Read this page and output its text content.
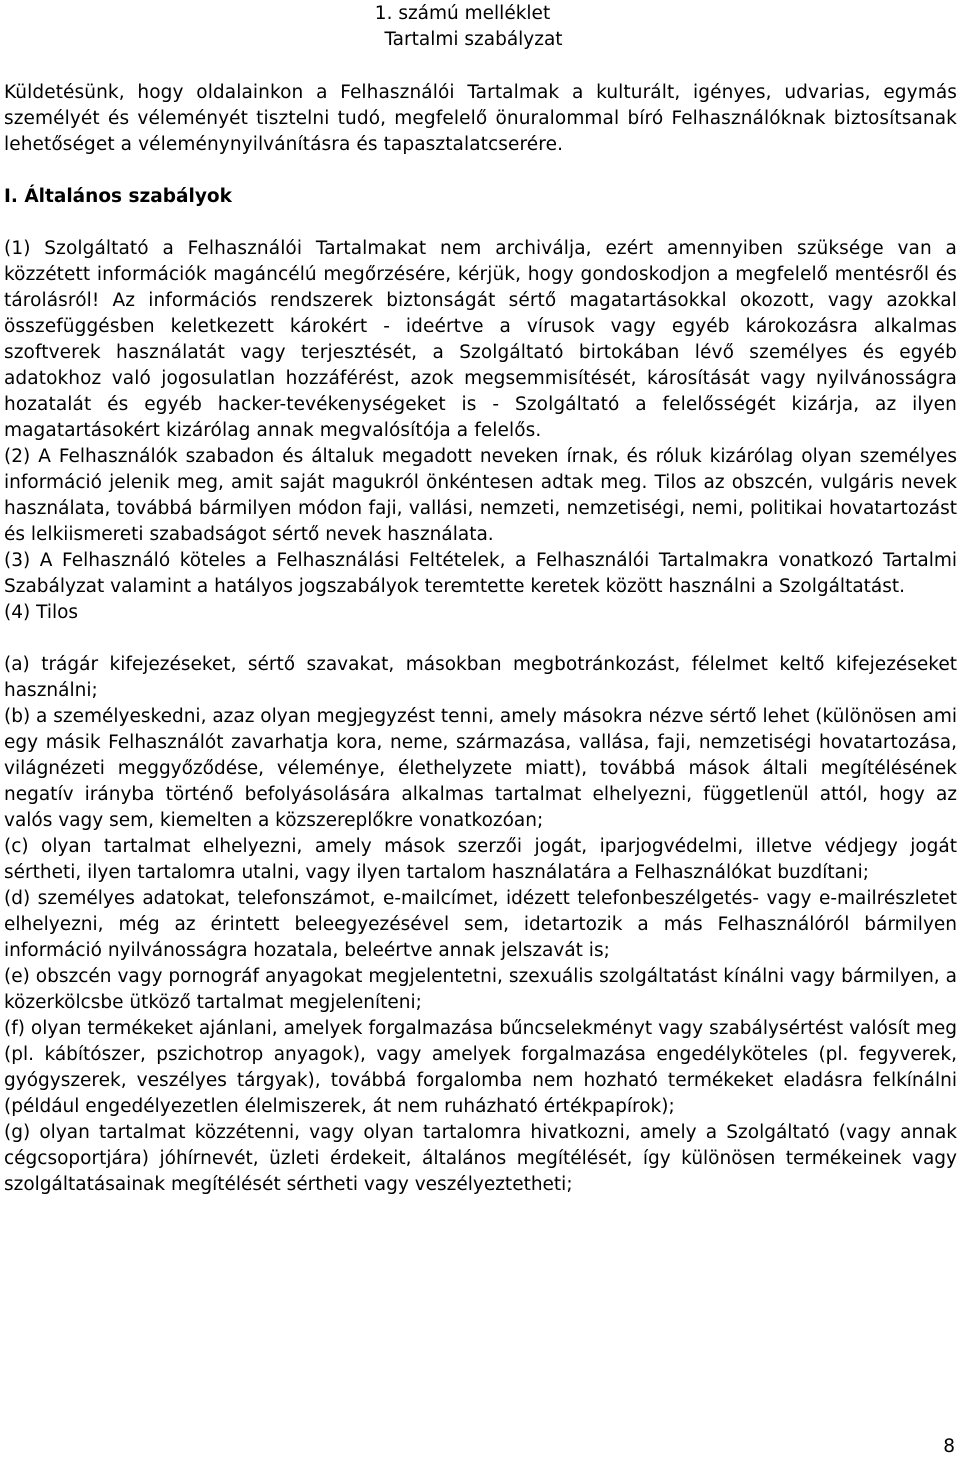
1. számú melléklet
Tartalmi szabályzat

Küldetésünk, hogy oldalainkon a Felhasználói Tartalmak a kulturált, igényes, udvarias, egymás személyét és véleményét tisztelni tudó, megfelelő önuralommal bíró Felhasználóknak biztosítsanak lehetőséget a véleménynyilvánításra és tapasztalatcserére.

I. Általános szabályok

(1) Szolgáltató a Felhasználói Tartalmakat nem archiválja, ezért amennyiben szüksége van a közzétett információk magáncélú megőrzésére, kérjük, hogy gondoskodjon a megfelelő mentésről és tárolásról! Az információs rendszerek biztonságát sértő magatartásokkal okozott, vagy azokkal összefüggésben keletkezett károkért - ideértve a vírusok vagy egyéb károkozásra alkalmas szoftverek használatát vagy terjesztését, a Szolgáltató birtokában lévő személyes és egyéb adatokhoz való jogosulatlan hozzáférést, azok megsemmisítését, károsítását vagy nyilvánosságra hozatalát és egyéb hacker-tevékenységeket is - Szolgáltató a felelősségét kizárja, az ilyen magatartásokért kizárólag annak megvalósítója a felelős.

(2) A Felhasználók szabadon és általuk megadott neveken írnak, és róluk kizárólag olyan személyes információ jelenik meg, amit saját magukról önkéntesen adtak meg. Tilos az obszcén, vulgáris nevek használata, továbbá bármilyen módon faji, vallási, nemzeti, nemzetiségi, nemi, politikai hovatartozást és lelkiismereti szabadságot sértő nevek használata.

(3) A Felhasználó köteles a Felhasználási Feltételek, a Felhasználói Tartalmakra vonatkozó Tartalmi Szabályzat valamint a hatályos jogszabályok teremtette keretek között használni a Szolgáltatást.

(4) Tilos

(a) trágár kifejezéseket, sértő szavakat, másokban megbotránkozást, félelmet keltő kifejezéseket használni;

(b) a személyeskedni, azaz olyan megjegyzést tenni, amely másokra nézve sértő lehet (különösen ami egy másik Felhasználót zavarhatja kora, neme, származása, vallása, faji, nemzetiségi hovatartozása, világnézeti meggyőződése, véleménye, élethelyzete miatt), továbbá mások általi megítélésének negatív irányba történő befolyásolására alkalmas tartalmat elhelyezni, függetlenül attól, hogy az valós vagy sem, kiemelten a közszereplőkre vonatkozóan;

(c) olyan tartalmat elhelyezni, amely mások szerzői jogát, iparjogvédelmi, illetve védjegy jogát sértheti, ilyen tartalomra utalni, vagy ilyen tartalom használatára a Felhasználókat buzdítani;

(d) személyes adatokat, telefonszámot, e-mailcímet, idézett telefonbeszélgetés- vagy e-mailrészletet elhelyezni, még az érintett beleegyezésével sem, idetartozik a más Felhasználóról bármilyen információ nyilvánosságra hozatala, beleértve annak jelszavát is;

(e) obszcén vagy pornográf anyagokat megjelentetni, szexuális szolgáltatást kínálni vagy bármilyen, a közerkölcsbe ütköző tartalmat megjeleníteni;

(f) olyan termékeket ajánlani, amelyek forgalmazása bűncselekményt vagy szabálysértést valósít meg (pl. kábítószer, pszichotrop anyagok), vagy amelyek forgalmazása engedélyköteles (pl. fegyverek, gyógyszerek, veszélyes tárgyak), továbbá forgalomba nem hozható termékeket eladásra felkínálni (például engedélyezetlen élelmiszerek, át nem ruházható értékpapírok);

(g) olyan tartalmat közzétenni, vagy olyan tartalomra hivatkozni, amely a Szolgáltató (vagy annak cégcsoportjára) jóhírnevét, üzleti érdekeit, általános megítélését, így különösen termékeinek vagy szolgáltatásainak megítélését sértheti vagy veszélyeztetheti;

8
